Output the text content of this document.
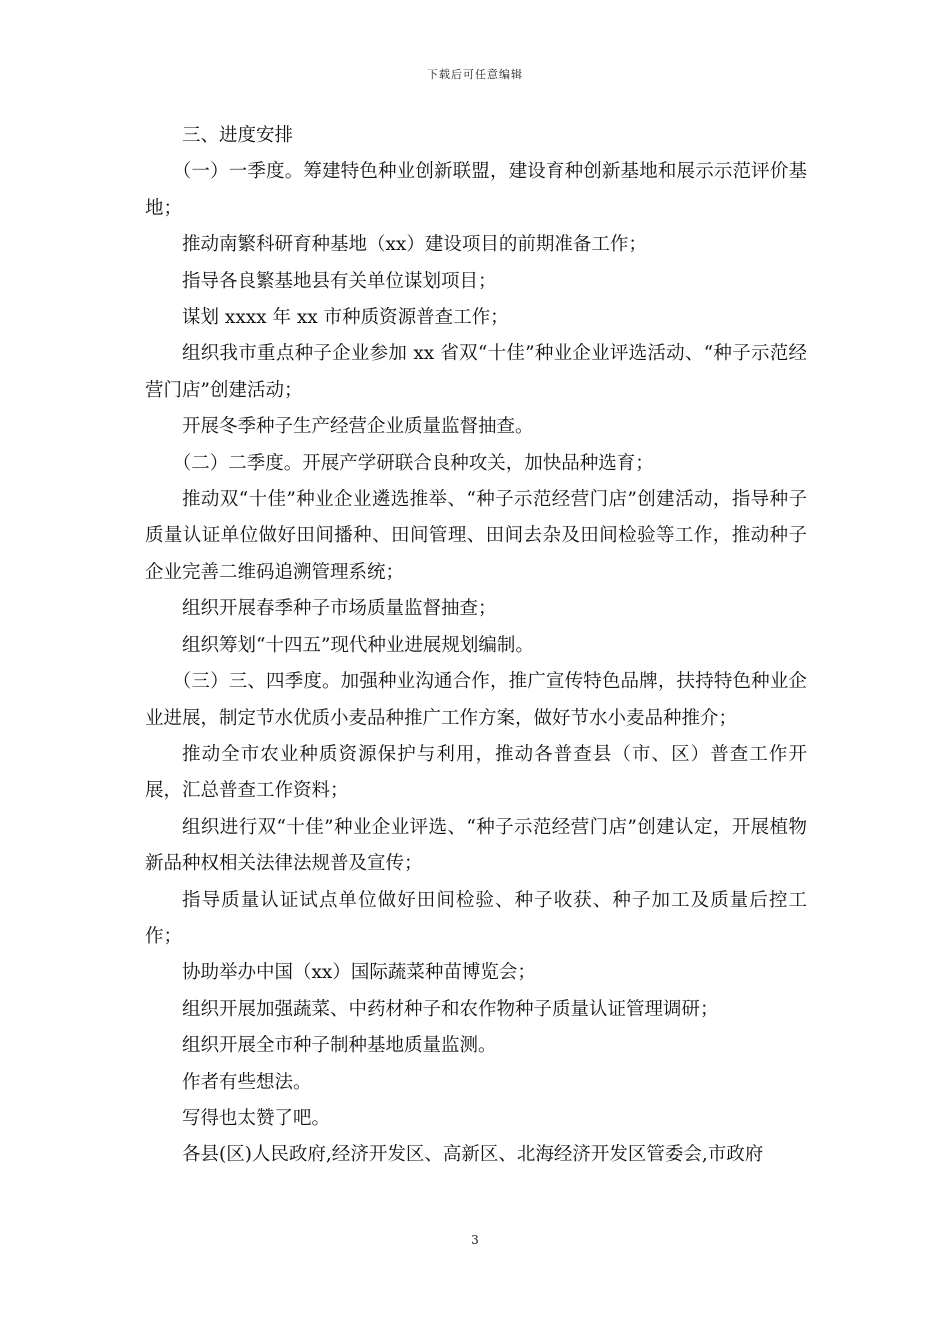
下载后可任意编辑

三、进度安排

（一）一季度。筹建特色种业创新联盟，建设育种创新基地和展示示范评价基地；

推动南繁科研育种基地（xx）建设项目的前期准备工作；

指导各良繁基地县有关单位谋划项目；

谋划 xxxx 年 xx 市种质资源普查工作；

组织我市重点种子企业参加 xx 省双“十佳”种业企业评选活动、“种子示范经营门店”创建活动；

开展冬季种子生产经营企业质量监督抽查。

（二）二季度。开展产学研联合良种攻关，加快品种选育；

推动双“十佳”种业企业遴选推举、“种子示范经营门店”创建活动，指导种子质量认证单位做好田间播种、田间管理、田间去杂及田间检验等工作，推动种子企业完善二维码追溯管理系统；

组织开展春季种子市场质量监督抽查；

组织筹划“十四五”现代种业进展规划编制。

（三）三、四季度。加强种业沟通合作，推广宣传特色品牌，扶持特色种业企业进展，制定节水优质小麦品种推广工作方案，做好节水小麦品种推介；

推动全市农业种质资源保护与利用，推动各普查县（市、区）普查工作开展，汇总普查工作资料；

组织进行双“十佳”种业企业评选、“种子示范经营门店”创建认定，开展植物新品种权相关法律法规普及宣传；

指导质量认证试点单位做好田间检验、种子收获、种子加工及质量后控工作；

协助举办中国（xx）国际蔬菜种苗博览会；

组织开展加强蔬菜、中药材种子和农作物种子质量认证管理调研；

组织开展全市种子制种基地质量监测。

作者有些想法。

写得也太赞了吧。

各县(区)人民政府,经济开发区、高新区、北海经济开发区管委会,市政府

3
